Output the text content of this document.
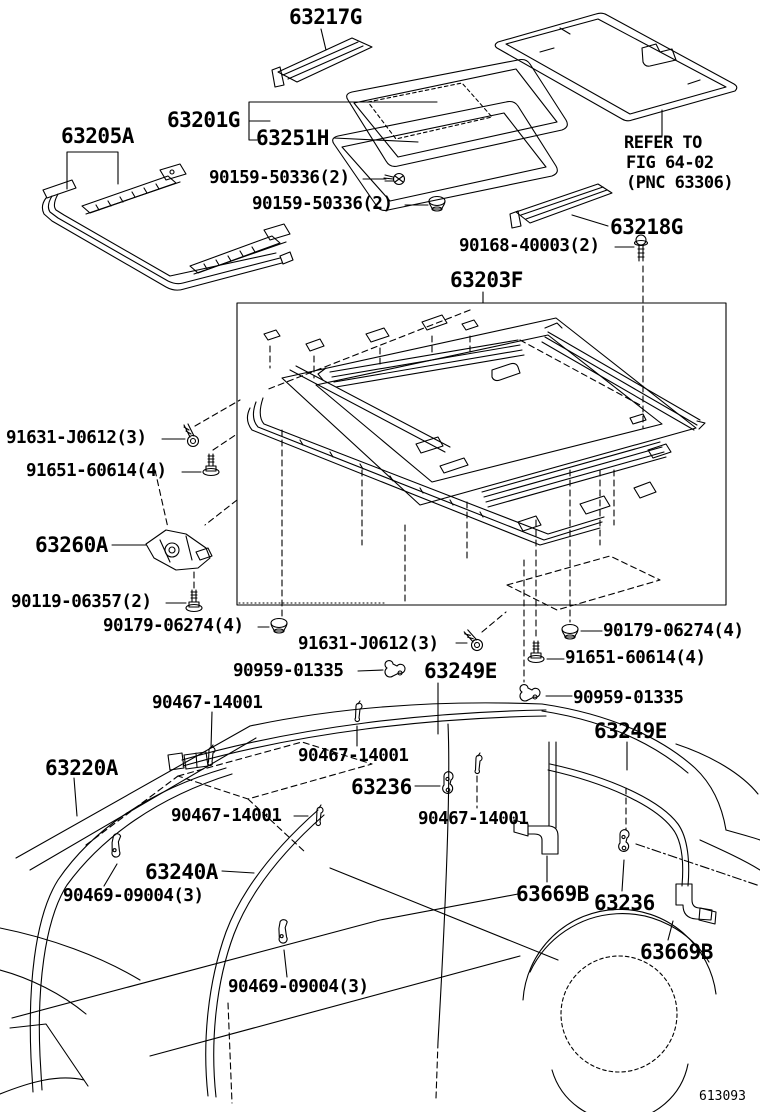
63217G
63201G
63251H
63205A
90159-50336(2)
90159-50336(2)
REFER TO
FIG 64-02
(PNC 63306)
63218G
90168-40003(2)
63203F
91631-J0612(3)
91651-60614(4)
63260A
90119-06357(2)
90179-06274(4)
91631-J0612(3)
90959-01335
90179-06274(4)
91651-60614(4)
90959-01335
63249E
63249E
90467-14001
90467-14001
63220A
63236
90467-14001	90467-14001
63240A
90469-09004(3)	63669B 63236
63669B
90469-09004(3)
613093
